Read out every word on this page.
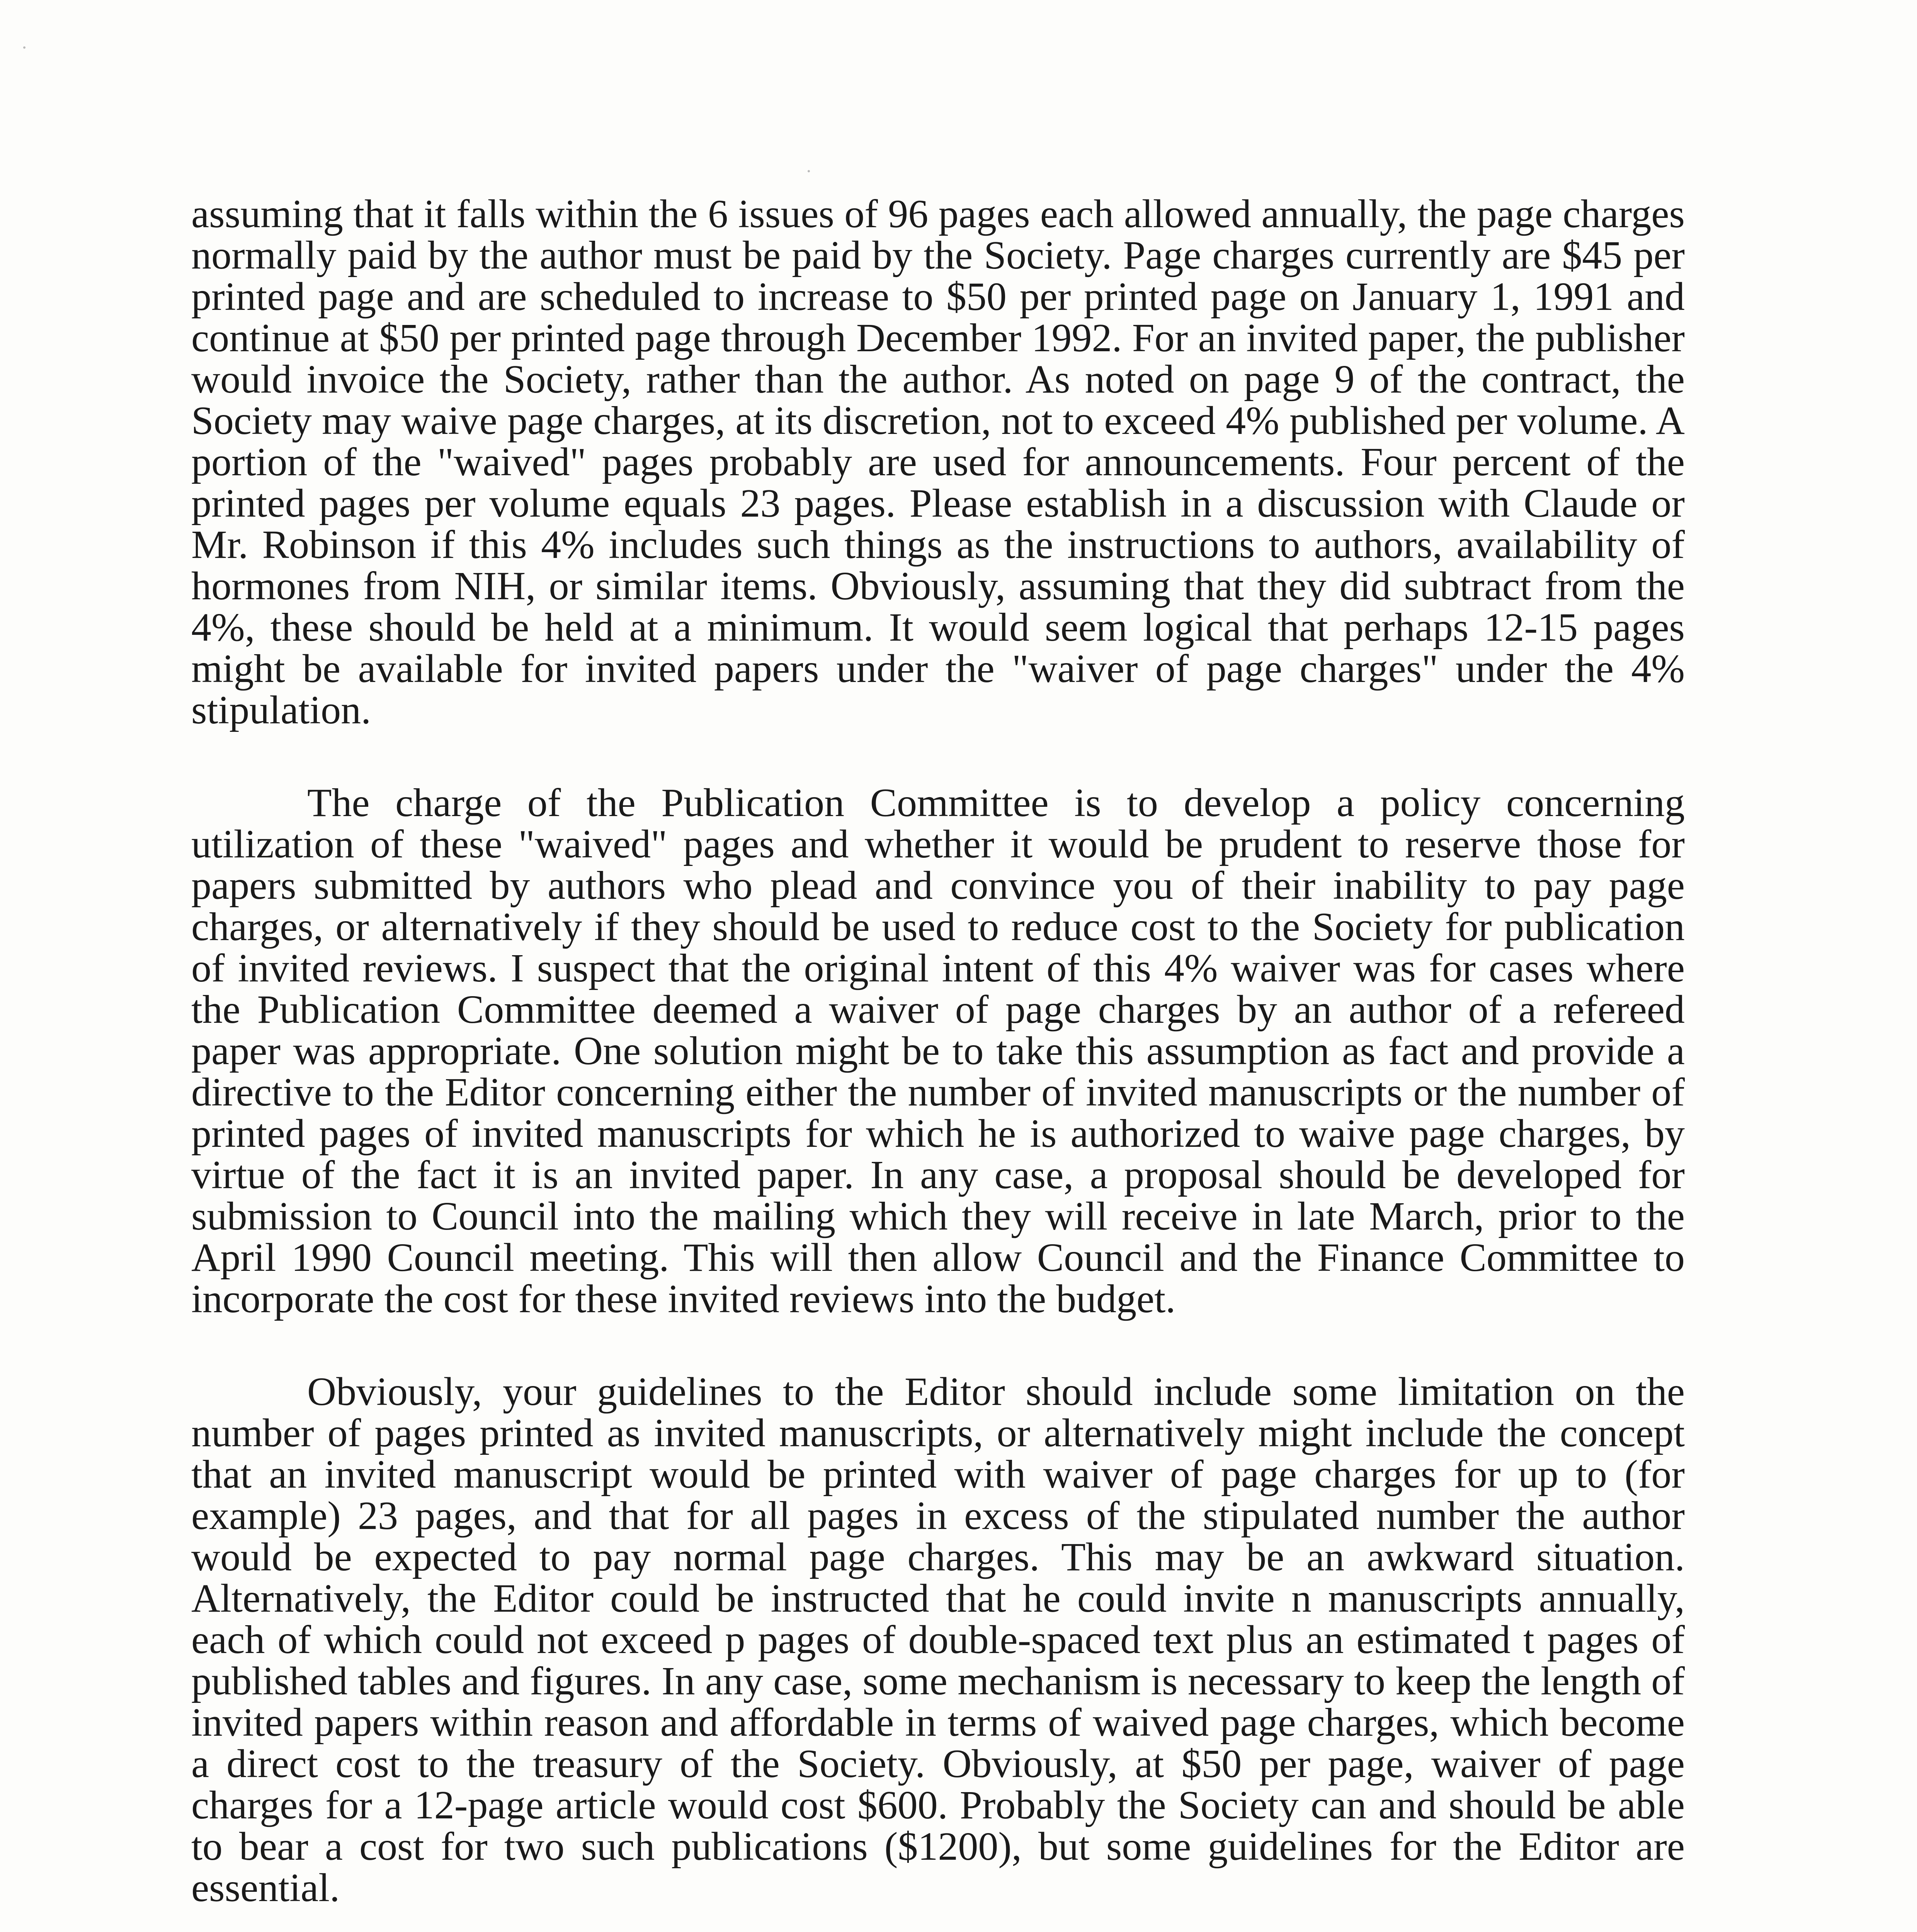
assuming that it falls within the 6 issues of 96 pages each allowed annually, the page charges normally paid by the author must be paid by the Society. Page charges currently are $45 per printed page and are scheduled to increase to $50 per printed page on January 1, 1991 and continue at $50 per printed page through December 1992. For an invited paper, the publisher would invoice the Society, rather than the author. As noted on page 9 of the contract, the Society may waive page charges, at its discretion, not to exceed 4% published per volume. A portion of the "waived" pages probably are used for announcements. Four percent of the printed pages per volume equals 23 pages. Please establish in a discussion with Claude or Mr. Robinson if this 4% includes such things as the instructions to authors, availability of hormones from NIH, or similar items. Obviously, assuming that they did subtract from the 4%, these should be held at a minimum. It would seem logical that perhaps 12-15 pages might be available for invited papers under the "waiver of page charges" under the 4% stipulation.

The charge of the Publication Committee is to develop a policy concerning utilization of these "waived" pages and whether it would be prudent to reserve those for papers submitted by authors who plead and convince you of their inability to pay page charges, or alternatively if they should be used to reduce cost to the Society for publication of invited reviews. I suspect that the original intent of this 4% waiver was for cases where the Publication Committee deemed a waiver of page charges by an author of a refereed paper was appropriate. One solution might be to take this assumption as fact and provide a directive to the Editor concerning either the number of invited manuscripts or the number of printed pages of invited manuscripts for which he is authorized to waive page charges, by virtue of the fact it is an invited paper. In any case, a proposal should be developed for submission to Council into the mailing which they will receive in late March, prior to the April 1990 Council meeting. This will then allow Council and the Finance Committee to incorporate the cost for these invited reviews into the budget.

Obviously, your guidelines to the Editor should include some limitation on the number of pages printed as invited manuscripts, or alternatively might include the concept that an invited manuscript would be printed with waiver of page charges for up to (for example) 23 pages, and that for all pages in excess of the stipulated number the author would be expected to pay normal page charges. This may be an awkward situation. Alternatively, the Editor could be instructed that he could invite n manuscripts annually, each of which could not exceed p pages of double-spaced text plus an estimated t pages of published tables and figures. In any case, some mechanism is necessary to keep the length of invited papers within reason and affordable in terms of waived page charges, which become a direct cost to the treasury of the Society. Obviously, at $50 per page, waiver of page charges for a 12-page article would cost $600. Probably the Society can and should be able to bear a cost for two such publications ($1200), but some guidelines for the Editor are essential.
